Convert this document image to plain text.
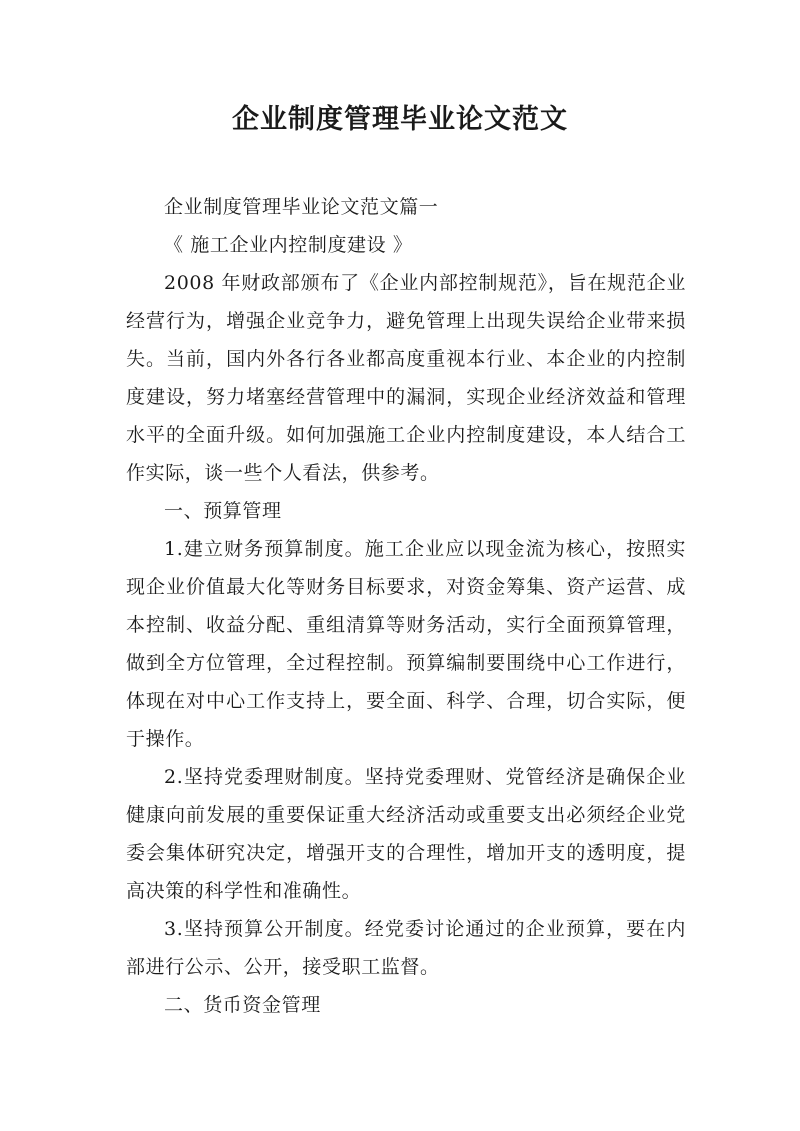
企业制度管理毕业论文范文

企业制度管理毕业论文范文篇一

《 施工企业内控制度建设 》

2008 年财政部颁布了《企业内部控制规范》，旨在规范企业经营行为，增强企业竞争力，避免管理上出现失误给企业带来损失。当前，国内外各行各业都高度重视本行业、本企业的内控制度建设，努力堵塞经营管理中的漏洞，实现企业经济效益和管理水平的全面升级。如何加强施工企业内控制度建设，本人结合工作实际，谈一些个人看法，供参考。

一、预算管理

1.建立财务预算制度。施工企业应以现金流为核心，按照实现企业价值最大化等财务目标要求，对资金筹集、资产运营、成本控制、收益分配、重组清算等财务活动，实行全面预算管理，做到全方位管理，全过程控制。预算编制要围绕中心工作进行，体现在对中心工作支持上，要全面、科学、合理，切合实际，便于操作。

2.坚持党委理财制度。坚持党委理财、党管经济是确保企业健康向前发展的重要保证重大经济活动或重要支出必须经企业党委会集体研究决定，增强开支的合理性，增加开支的透明度，提高决策的科学性和准确性。

3.坚持预算公开制度。经党委讨论通过的企业预算，要在内部进行公示、公开，接受职工监督。

二、货币资金管理
